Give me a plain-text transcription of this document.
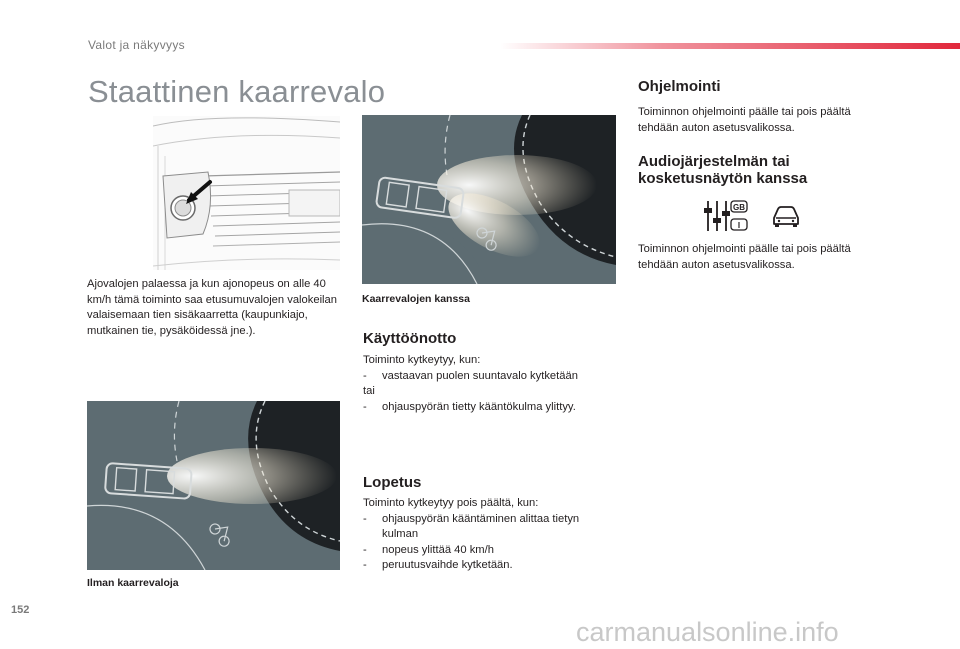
Valot ja näkyvyys
Staattinen kaarrevalo
Ajovalojen palaessa ja kun ajonopeus on alle 40 km/h tämä toiminto saa etusumuvalojen valokeilan valaisemaan tien sisäkaarretta (kaupunkiajo, mutkainen tie, pysäköidessä jne.).
Kaarrevalojen kanssa
Ilman kaarrevaloja
Käyttöönotto
Toiminto kytkeytyy, kun:
- vastaavan puolen suuntavalo kytketään
tai
- ohjauspyörän tietty kääntökulma ylittyy.
Lopetus
Toiminto kytkeytyy pois päältä, kun:
- ohjauspyörän kääntäminen alittaa tietyn kulman
- nopeus ylittää 40 km/h
- peruutusvaihde kytketään.
Ohjelmointi
Toiminnon ohjelmointi päälle tai pois päältä tehdään auton asetusvalikossa.
Audiojärjestelmän tai
kosketusnäytön kanssa
GB
I
Toiminnon ohjelmointi päälle tai pois päältä tehdään auton asetusvalikossa.
152
carmanualsonline.info
